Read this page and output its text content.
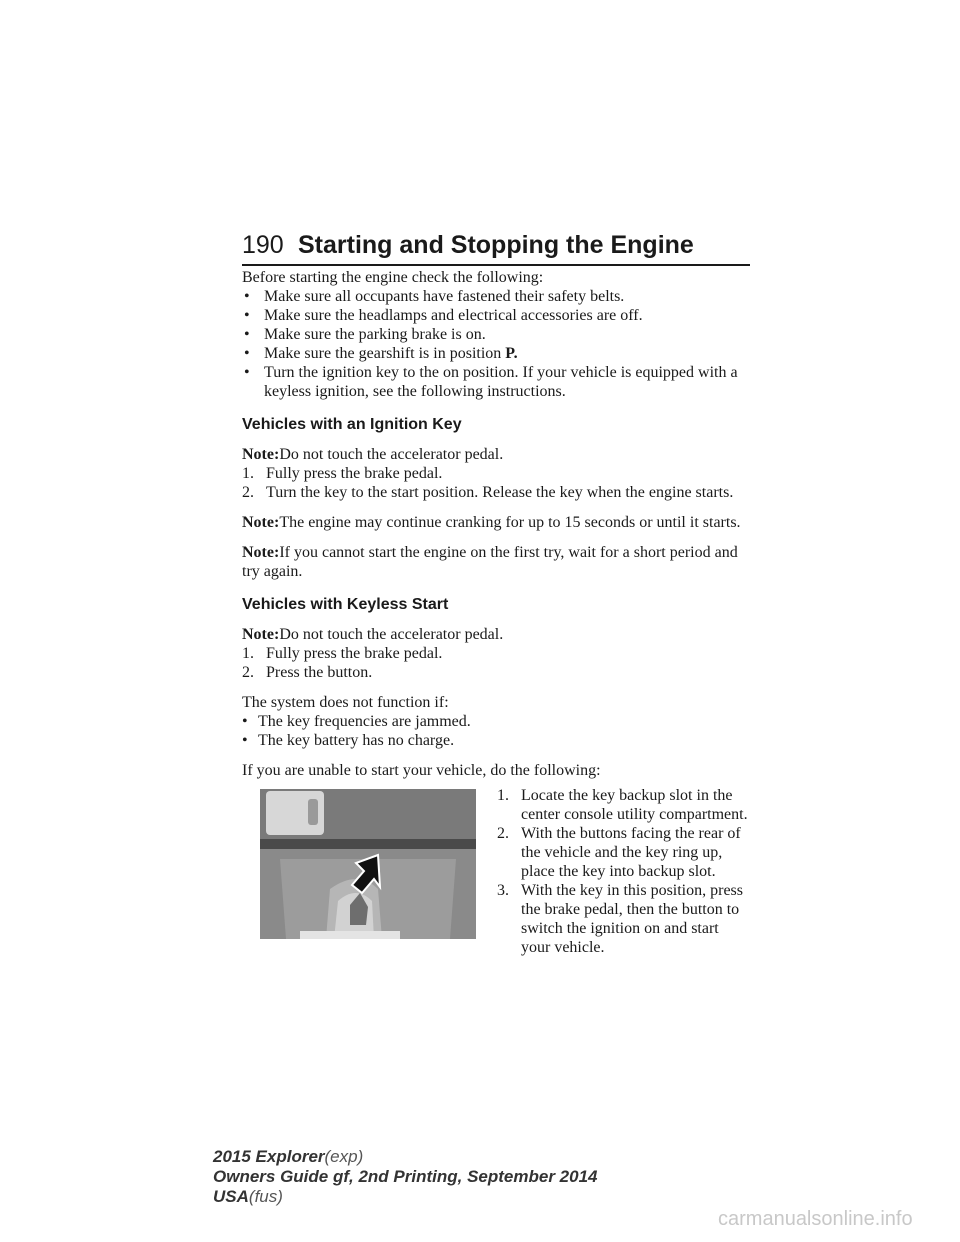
190 Starting and Stopping the Engine

Before starting the engine check the following:

• Make sure all occupants have fastened their safety belts.

• Make sure the headlamps and electrical accessories are off.

• Make sure the parking brake is on.

• Make sure the gearshift is in position P.

• Turn the ignition key to the on position. If your vehicle is equipped with a keyless ignition, see the following instructions.

Vehicles with an Ignition Key

Note:Do not touch the accelerator pedal.

1. Fully press the brake pedal.

2. Turn the key to the start position. Release the key when the engine starts.

Note:The engine may continue cranking for up to 15 seconds or until it starts.

Note:If you cannot start the engine on the first try, wait for a short period and try again.

Vehicles with Keyless Start

Note:Do not touch the accelerator pedal.

1. Fully press the brake pedal.

2. Press the button.

The system does not function if:

• The key frequencies are jammed.

• The key battery has no charge.

If you are unable to start your vehicle, do the following:

1. Locate the key backup slot in the center console utility compartment.

2. With the buttons facing the rear of the vehicle and the key ring up, place the key into backup slot.

3. With the key in this position, press the brake pedal, then the button to switch the ignition on and start your vehicle.

2015 Explorer(exp)
Owners Guide gf, 2nd Printing, September 2014
USA(fus)
carmanualsonline.info
